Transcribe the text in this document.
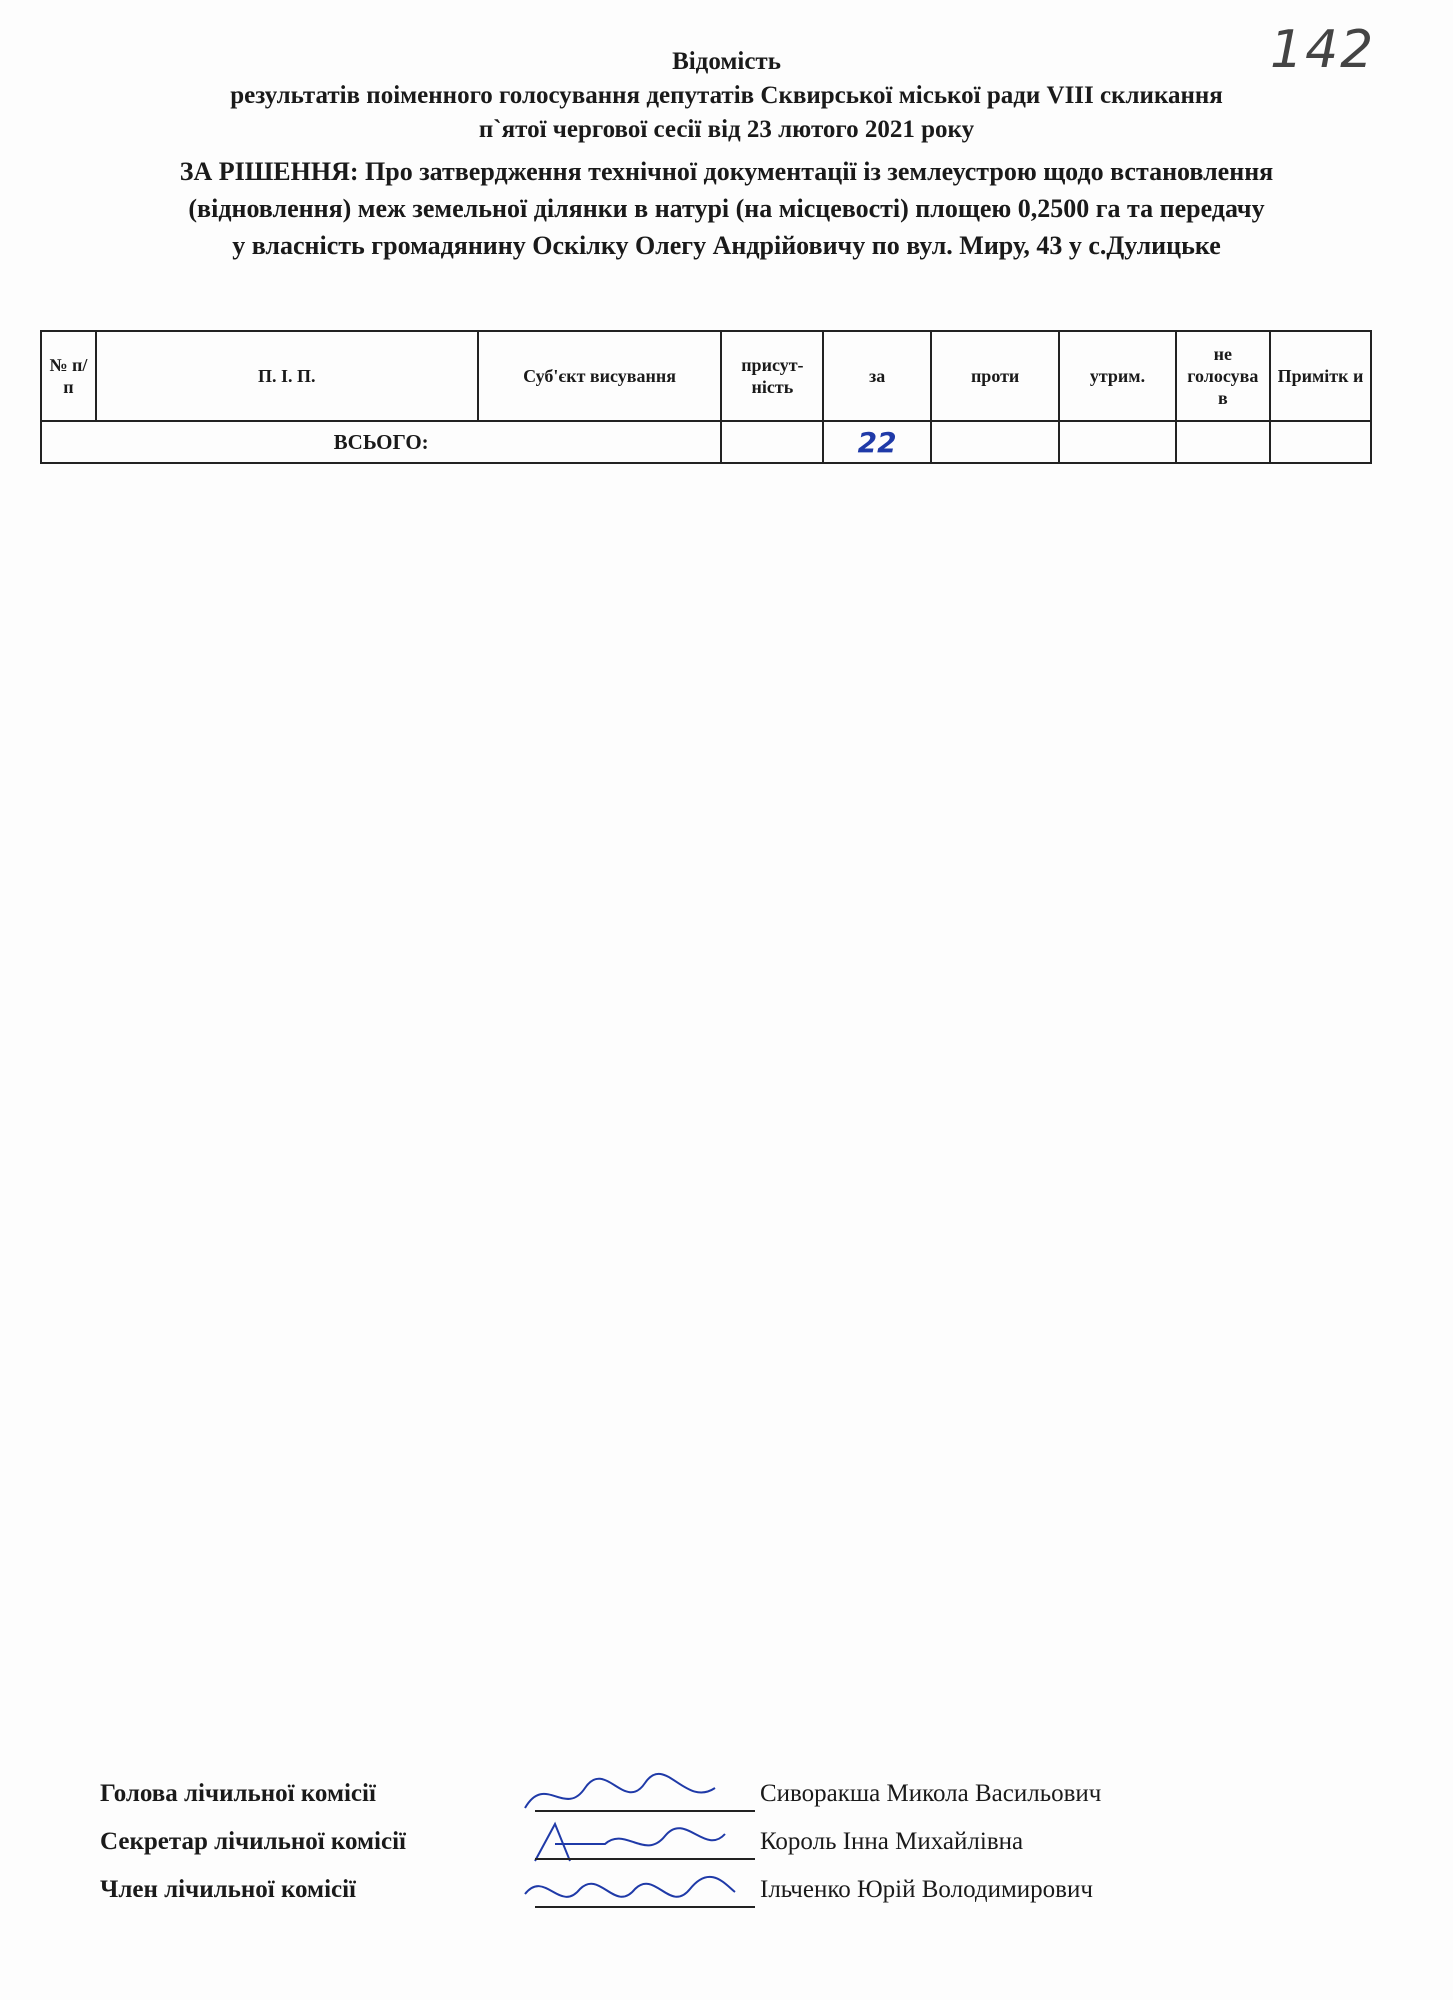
142
Відомість
результатів поіменного голосування депутатів Сквирської міської ради VIII скликання
п`ятої чергової сесії від 23 лютого 2021 року
ЗА РІШЕННЯ: Про затвердження технічної документації із землеустрою щодо встановлення
(відновлення) меж земельної ділянки в натурі (на місцевості) площею 0,2500 га та передачу
у власність громадянину Оскілку Олегу Андрійовичу по вул. Миру, 43 у с.Дулицьке
№ п/п	П. І. П.	Суб'єкт висування	присут-ність	за	проти	утрим.	не голосува в	Примітк и
ВСЬОГО:				22				
Голова лічильної комісії	Сиворакша Микола Васильович
Секретар лічильної комісії	Король Інна Михайлівна
Член лічильної комісії	Ільченко Юрій Володимирович
